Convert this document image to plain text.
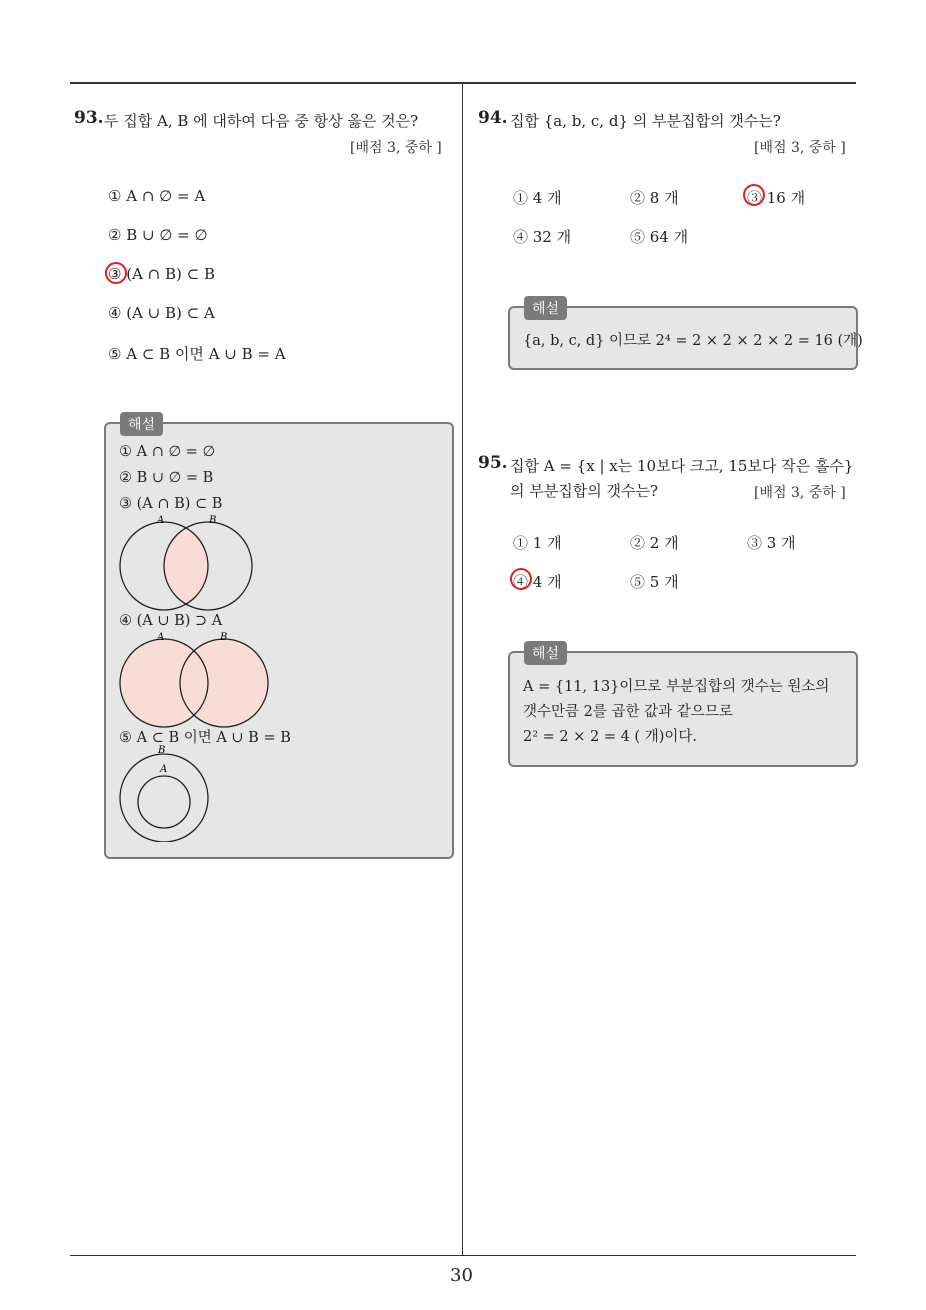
30
93. 두 집합 A, B 에 대하여 다음 중 항상 옳은 것은?
[배점 3, 중하 ]
① A ∩ ∅ = A
② B ∪ ∅ = ∅
③ (A ∩ B) ⊂ B
④ (A ∪ B) ⊂ A
⑤ A ⊂ B 이면 A ∪ B = A
해설
① A ∩ ∅ = ∅
② B ∪ ∅ = B
③ (A ∩ B) ⊂ B
A	B
④ (A ∪ B) ⊃ A
A	B
⑤ A ⊂ B 이면 A ∪ B = B
B
A
94. 집합 {a, b, c, d} 의 부분집합의 갯수는?
[배점 3, 중하 ]
① 4 개	② 8 개	③ 16 개
④ 32 개	⑤ 64 개
해설
{a, b, c, d} 이므로 2⁴ = 2 × 2 × 2 × 2 = 16 (개)
95. 집합 A = {x | x는 10보다 크고, 15보다 작은 홀수}
의 부분집합의 갯수는?	[배점 3, 중하 ]
① 1 개	② 2 개	③ 3 개
④ 4 개	⑤ 5 개
해설
A = {11, 13}이므로 부분집합의 갯수는 원소의
갯수만큼 2를 곱한 값과 같으므로
2² = 2 × 2 = 4 ( 개)이다.
